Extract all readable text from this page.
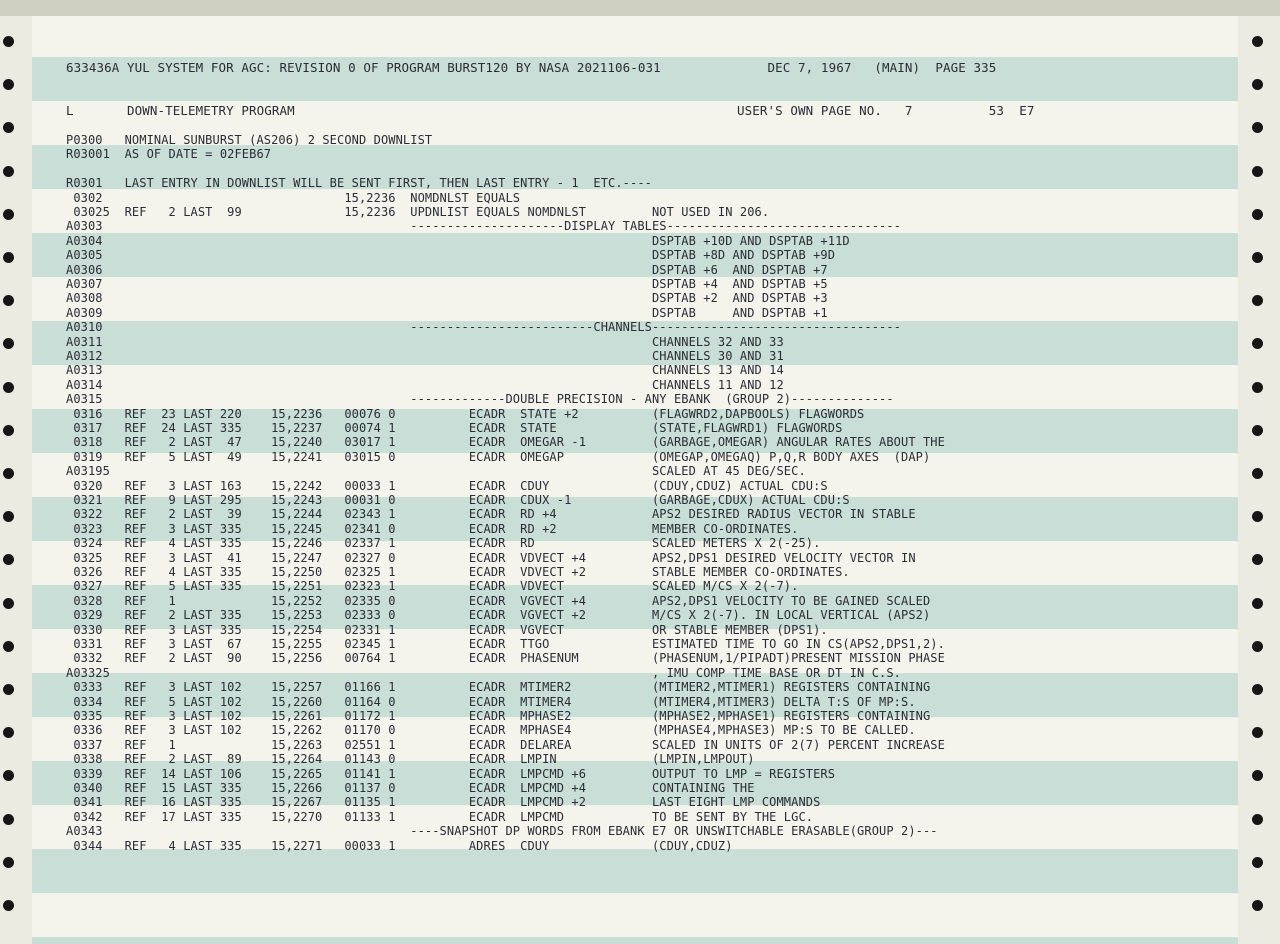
633436A YUL SYSTEM FOR AGC: REVISION 0 OF PROGRAM BURST120 BY NASA 2021106-031              DEC 7, 1967   (MAIN)  PAGE 335
L       DOWN-TELEMETRY PROGRAM                                                          USER'S OWN PAGE NO.   7          53  E7
P0300   NOMINAL SUNBURST (AS206) 2 SECOND DOWNLIST
R03001  AS OF DATE = 02FEB67
R0301   LAST ENTRY IN DOWNLIST WILL BE SENT FIRST, THEN LAST ENTRY - 1  ETC.----
0302                                 15,2236  NOMDNLST EQUALS
03025  REF   2 LAST  99              15,2236  UPDNLIST EQUALS NOMDNLST         NOT USED IN 206.
A0303                                          ---------------------DISPLAY TABLES--------------------------------
A0304                                                                           DSPTAB +10D AND DSPTAB +11D
A0305                                                                           DSPTAB +8D AND DSPTAB +9D
A0306                                                                           DSPTAB +6  AND DSPTAB +7
A0307                                                                           DSPTAB +4  AND DSPTAB +5
A0308                                                                           DSPTAB +2  AND DSPTAB +3
A0309                                                                           DSPTAB     AND DSPTAB +1
A0310                                          -------------------------CHANNELS----------------------------------
A0311                                                                           CHANNELS 32 AND 33
A0312                                                                           CHANNELS 30 AND 31
A0313                                                                           CHANNELS 13 AND 14
A0314                                                                           CHANNELS 11 AND 12
A0315                                          -------------DOUBLE PRECISION - ANY EBANK  (GROUP 2)--------------
0316   REF  23 LAST 220    15,2236   00076 0          ECADR  STATE +2          (FLAGWRD2,DAPBOOLS) FLAGWORDS
0317   REF  24 LAST 335    15,2237   00074 1          ECADR  STATE             (STATE,FLAGWRD1) FLAGWORDS
0318   REF   2 LAST  47    15,2240   03017 1          ECADR  OMEGAR -1         (GARBAGE,OMEGAR) ANGULAR RATES ABOUT THE
0319   REF   5 LAST  49    15,2241   03015 0          ECADR  OMEGAP            (OMEGAP,OMEGAQ) P,Q,R BODY AXES  (DAP)
A03195                                                                          SCALED AT 45 DEG/SEC.
0320   REF   3 LAST 163    15,2242   00033 1          ECADR  CDUY              (CDUY,CDUZ) ACTUAL CDU:S
0321   REF   9 LAST 295    15,2243   00031 0          ECADR  CDUX -1           (GARBAGE,CDUX) ACTUAL CDU:S
0322   REF   2 LAST  39    15,2244   02343 1          ECADR  RD +4             APS2 DESIRED RADIUS VECTOR IN STABLE
0323   REF   3 LAST 335    15,2245   02341 0          ECADR  RD +2             MEMBER CO-ORDINATES.
0324   REF   4 LAST 335    15,2246   02337 1          ECADR  RD                SCALED METERS X 2(-25).
0325   REF   3 LAST  41    15,2247   02327 0          ECADR  VDVECT +4         APS2,DPS1 DESIRED VELOCITY VECTOR IN
0326   REF   4 LAST 335    15,2250   02325 1          ECADR  VDVECT +2         STABLE MEMBER CO-ORDINATES.
0327   REF   5 LAST 335    15,2251   02323 1          ECADR  VDVECT            SCALED M/CS X 2(-7).
0328   REF   1             15,2252   02335 0          ECADR  VGVECT +4         APS2,DPS1 VELOCITY TO BE GAINED SCALED
0329   REF   2 LAST 335    15,2253   02333 0          ECADR  VGVECT +2         M/CS X 2(-7). IN LOCAL VERTICAL (APS2)
0330   REF   3 LAST 335    15,2254   02331 1          ECADR  VGVECT            OR STABLE MEMBER (DPS1).
0331   REF   3 LAST  67    15,2255   02345 1          ECADR  TTGO              ESTIMATED TIME TO GO IN CS(APS2,DPS1,2).
0332   REF   2 LAST  90    15,2256   00764 1          ECADR  PHASENUM          (PHASENUM,1/PIPADT)PRESENT MISSION PHASE
A03325                                                                          , IMU COMP TIME BASE OR DT IN C.S.
0333   REF   3 LAST 102    15,2257   01166 1          ECADR  MTIMER2           (MTIMER2,MTIMER1) REGISTERS CONTAINING
0334   REF   5 LAST 102    15,2260   01164 0          ECADR  MTIMER4           (MTIMER4,MTIMER3) DELTA T:S OF MP:S.
0335   REF   3 LAST 102    15,2261   01172 1          ECADR  MPHASE2           (MPHASE2,MPHASE1) REGISTERS CONTAINING
0336   REF   3 LAST 102    15,2262   01170 0          ECADR  MPHASE4           (MPHASE4,MPHASE3) MP:S TO BE CALLED.
0337   REF   1             15,2263   02551 1          ECADR  DELAREA           SCALED IN UNITS OF 2(7) PERCENT INCREASE
0338   REF   2 LAST  89    15,2264   01143 0          ECADR  LMPIN             (LMPIN,LMPOUT)
0339   REF  14 LAST 106    15,2265   01141 1          ECADR  LMPCMD +6         OUTPUT TO LMP = REGISTERS
0340   REF  15 LAST 335    15,2266   01137 0          ECADR  LMPCMD +4         CONTAINING THE
0341   REF  16 LAST 335    15,2267   01135 1          ECADR  LMPCMD +2         LAST EIGHT LMP COMMANDS
0342   REF  17 LAST 335    15,2270   01133 1          ECADR  LMPCMD            TO BE SENT BY THE LGC.
A0343                                          ----SNAPSHOT DP WORDS FROM EBANK E7 OR UNSWITCHABLE ERASABLE(GROUP 2)---
0344   REF   4 LAST 335    15,2271   00033 1          ADRES  CDUY              (CDUY,CDUZ)
